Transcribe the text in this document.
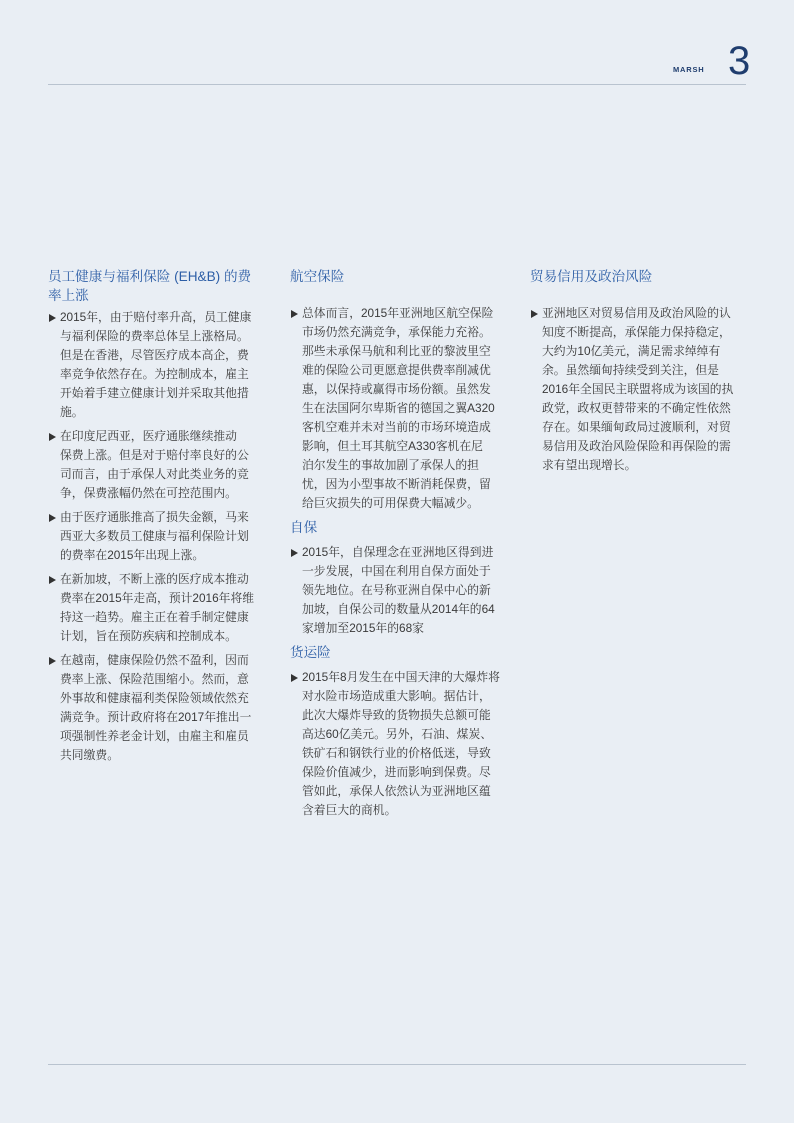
MARSH 3
员工健康与福利保险 (EH&B) 的费
率上涨
2015年，由于赔付率升高，员工健康
与福利保险的费率总体呈上涨格局。
但是在香港，尽管医疗成本高企，费
率竞争依然存在。为控制成本，雇主
开始着手建立健康计划并采取其他措
施。
在印度尼西亚，医疗通胀继续推动
保费上涨。但是对于赔付率良好的公
司而言，由于承保人对此类业务的竞
争，保费涨幅仍然在可控范围内。
由于医疗通胀推高了损失金额，马来
西亚大多数员工健康与福利保险计划
的费率在2015年出现上涨。
在新加坡，不断上涨的医疗成本推动
费率在2015年走高，预计2016年将维
持这一趋势。雇主正在着手制定健康
计划，旨在预防疾病和控制成本。
在越南，健康保险仍然不盈利，因而
费率上涨、保险范围缩小。然而，意
外事故和健康福利类保险领域依然充
满竞争。预计政府将在2017年推出一
项强制性养老金计划，由雇主和雇员
共同缴费。
航空保险
总体而言，2015年亚洲地区航空保险
市场仍然充满竞争，承保能力充裕。
那些未承保马航和利比亚的黎波里空
难的保险公司更愿意提供费率削减优
惠，以保持或赢得市场份额。虽然发
生在法国阿尔卑斯省的德国之翼A320
客机空难并未对当前的市场环境造成
影响，但土耳其航空A330客机在尼
泊尔发生的事故加剧了承保人的担
忧，因为小型事故不断消耗保费，留
给巨灾损失的可用保费大幅减少。
自保
2015年，自保理念在亚洲地区得到进
一步发展，中国在利用自保方面处于
领先地位。在号称亚洲自保中心的新
加坡，自保公司的数量从2014年的64
家增加至2015年的68家
货运险
2015年8月发生在中国天津的大爆炸将
对水险市场造成重大影响。据估计，
此次大爆炸导致的货物损失总额可能
高达60亿美元。另外，石油、煤炭、
铁矿石和钢铁行业的价格低迷，导致
保险价值减少，进而影响到保费。尽
管如此，承保人依然认为亚洲地区蕴
含着巨大的商机。
贸易信用及政治风险
亚洲地区对贸易信用及政治风险的认
知度不断提高，承保能力保持稳定，
大约为10亿美元，满足需求绰绰有
余。虽然缅甸持续受到关注，但是
2016年全国民主联盟将成为该国的执
政党，政权更替带来的不确定性依然
存在。如果缅甸政局过渡顺利，对贸
易信用及政治风险保险和再保险的需
求有望出现增长。
